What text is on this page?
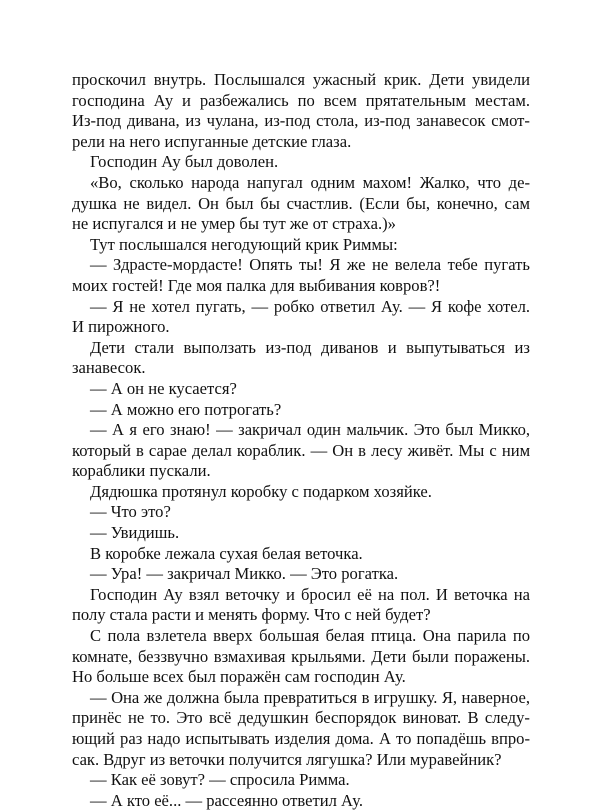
проскочил внутрь. Послышался ужасный крик. Дети увидели
господина Ау и разбежались по всем прятательным местам.
Из-под дивана, из чулана, из-под стола, из-под занавесок смот-
рели на него испуганные детские глаза.
Господин Ау был доволен.
«Во, сколько народа напугал одним махом! Жалко, что де-
душка не видел. Он был бы счастлив. (Если бы, конечно, сам
не испугался и не умер бы тут же от страха.)»
Тут послышался негодующий крик Риммы:
— Здрасте-мордасте! Опять ты! Я же не велела тебе пугать
моих гостей! Где моя палка для выбивания ковров?!
— Я не хотел пугать, — робко ответил Ау. — Я кофе хотел.
И пирожного.
Дети стали выползать из-под диванов и выпутываться из
занавесок.
— А он не кусается?
— А можно его потрогать?
— А я его знаю! — закричал один мальчик. Это был Микко,
который в сарае делал кораблик. — Он в лесу живёт. Мы с ним
кораблики пускали.
Дядюшка протянул коробку с подарком хозяйке.
— Что это?
— Увидишь.
В коробке лежала сухая белая веточка.
— Ура! — закричал Микко. — Это рогатка.
Господин Ау взял веточку и бросил её на пол. И веточка на
полу стала расти и менять форму. Что с ней будет?
С пола взлетела вверх большая белая птица. Она парила по
комнате, беззвучно взмахивая крыльями. Дети были поражены.
Но больше всех был поражён сам господин Ау.
— Она же должна была превратиться в игрушку. Я, наверное,
принёс не то. Это всё дедушкин беспорядок виноват. В следу-
ющий раз надо испытывать изделия дома. А то попадёшь впро-
сак. Вдруг из веточки получится лягушка? Или муравейник?
— Как её зовут? — спросила Римма.
— А кто её... — рассеянно ответил Ау.
